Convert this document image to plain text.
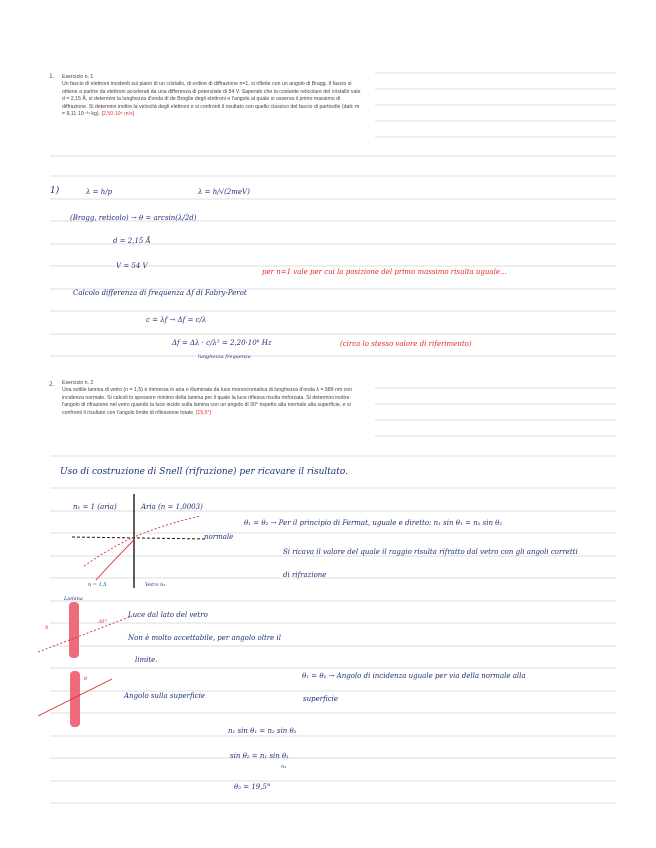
1. Esercizio n. 1
Un fascio di elettroni incidenti sul piano di un cristallo, di ordine di diffrazione n=1, si riflette con un angolo di Bragg. Il fascio si ottiene a partire da elettroni accelerati da una differenza di potenziale di 54 V. Sapendo che la costante reticolare del cristallo vale d = 2,15 Å, si determini la lunghezza d'onda di de Broglie degli elettroni e l'angolo al quale si osserva il primo massimo di diffrazione. Si determini inoltre la velocità degli elettroni e si confronti il risultato con quello classico del fascio di particelle (dati: m = 9,11·10⁻³¹ kg). [2,50·10⁵ m/s]
1)	λ = h/p	λ = h/√(2meV)
(Bragg, reticolo) → θ = arcsin(λ/2d)
d = 2,15 Å
V = 54 V
per n=1 vale per cui la posizione del primo massimo risulta uguale…
Calcolo differenza di frequenza Δf di Fabry-Perot
c = λf → Δf = c/λ
Δf = Δλ · c/λ² = 2,20·10⁸ Hz
lunghezza frequenza
(circa lo stesso valore di riferimento)
2. Esercizio n. 2
Una sottile lamina di vetro (n = 1,5) è immersa in aria e illuminata da luce monocromatica di lunghezza d'onda λ = 589 nm con incidenza normale. Si calcoli lo spessore minimo della lamina per il quale la luce riflessa risulta rinforzata. Si determini inoltre l'angolo di rifrazione nel vetro quando la luce incide sulla lamina con un angolo di 30° rispetto alla normale alla superficie, e si confronti il risultato con l'angolo limite di riflessione totale. [19,5°]
Uso di costruzione di Snell (rifrazione) per ricavare il risultato.
n₁ = 1 (aria)	Aria (n = 1,0003)
normale
θ₁ = θ₂ → Per il principio di Fermat, uguale e diretto: n₁ sin θ₁ = n₂ sin θ₂
Si ricava il valore del quale il raggio risulta rifratto dal vetro con gli angoli corretti
di rifrazione
n = 1,5	Vetro n₂
Lamina
x
30°
θ
Luce dal lato del vetro
Non è molto accettabile, per angolo oltre il
limite.
Angolo sulla superficie
θ₁ = θ₂ → Angolo di incidenza uguale per via della normale alla
superficie
n₁ sin θ₁ = n₂ sin θ₂
sin θ₂ = n₁ sin θ₁
n₂
θ₂ = 19,5°
